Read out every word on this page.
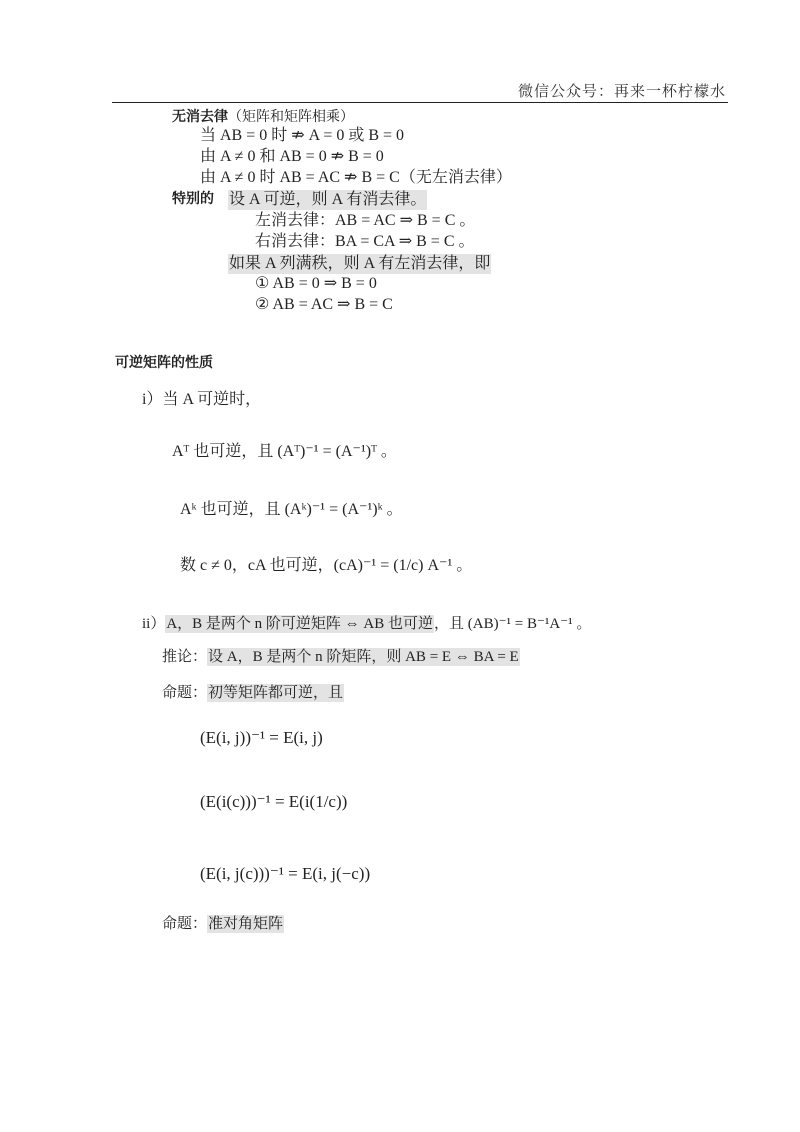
微信公众号：再来一杯柠檬水
无消去律（矩阵和矩阵相乘）
当 AB = 0 时 ⇏ A = 0 或 B = 0
由 A ≠ 0 和 AB = 0 ⇏ B = 0
由 A ≠ 0 时 AB = AC ⇏ B = C（无左消去律）
特别的 设 A 可逆，则 A 有消去律。
左消去律：AB = AC ⇒ B = C 。
右消去律：BA = CA ⇒ B = C 。
如果 A 列满秩，则 A 有左消去律，即
① AB = 0 ⇒ B = 0
② AB = AC ⇒ B = C
可逆矩阵的性质
i）当 A 可逆时，
Aᵀ 也可逆，且 (Aᵀ)⁻¹ = (A⁻¹)ᵀ 。
Aᵏ 也可逆，且 (Aᵏ)⁻¹ = (A⁻¹)ᵏ 。
数 c ≠ 0，cA 也可逆，(cA)⁻¹ = (1/c) A⁻¹ 。
ii）A，B 是两个 n 阶可逆矩阵 ⇔ AB 也可逆，且 (AB)⁻¹ = B⁻¹A⁻¹ 。
推论：设 A，B 是两个 n 阶矩阵，则 AB = E ⇔ BA = E
命题：初等矩阵都可逆，且
(E(i, j))⁻¹ = E(i, j)
(E(i(c)))⁻¹ = E(i(1/c))
(E(i, j(c)))⁻¹ = E(i, j(−c))
命题：准对角矩阵
